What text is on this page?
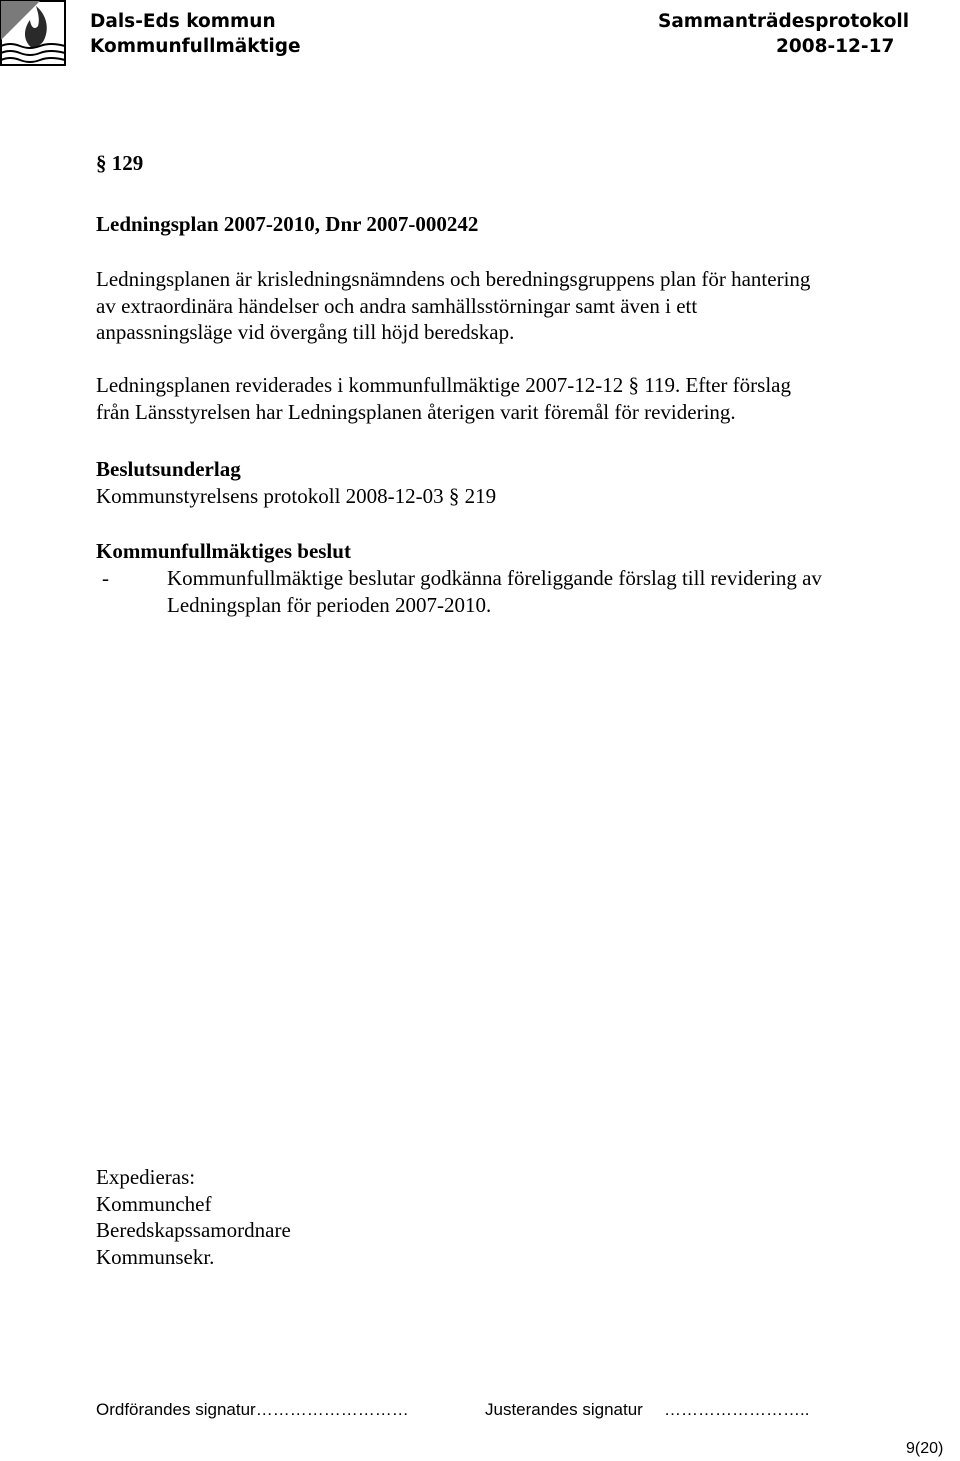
Dals-Eds kommun
Kommunfullmäktige
Sammanträdesprotokoll
2008-12-17
§ 129
Ledningsplan 2007-2010, Dnr 2007-000242
Ledningsplanen är krisledningsnämndens och beredningsgruppens plan för hantering
av extraordinära händelser och andra samhällsstörningar samt även i ett
anpassningsläge vid övergång till höjd beredskap.
Ledningsplanen reviderades i kommunfullmäktige 2007-12-12 § 119. Efter förslag
från Länsstyrelsen har Ledningsplanen återigen varit föremål för revidering.
Beslutsunderlag
Kommunstyrelsens protokoll 2008-12-03 § 219
Kommunfullmäktiges beslut
-	Kommunfullmäktige beslutar godkänna föreliggande förslag till revidering av
Ledningsplan för perioden 2007-2010.
Expedieras:
Kommunchef
Beredskapssamordnare
Kommunsekr.
Ordförandes signatur………………………	Justerandes signatur ……………………..
9(20)
